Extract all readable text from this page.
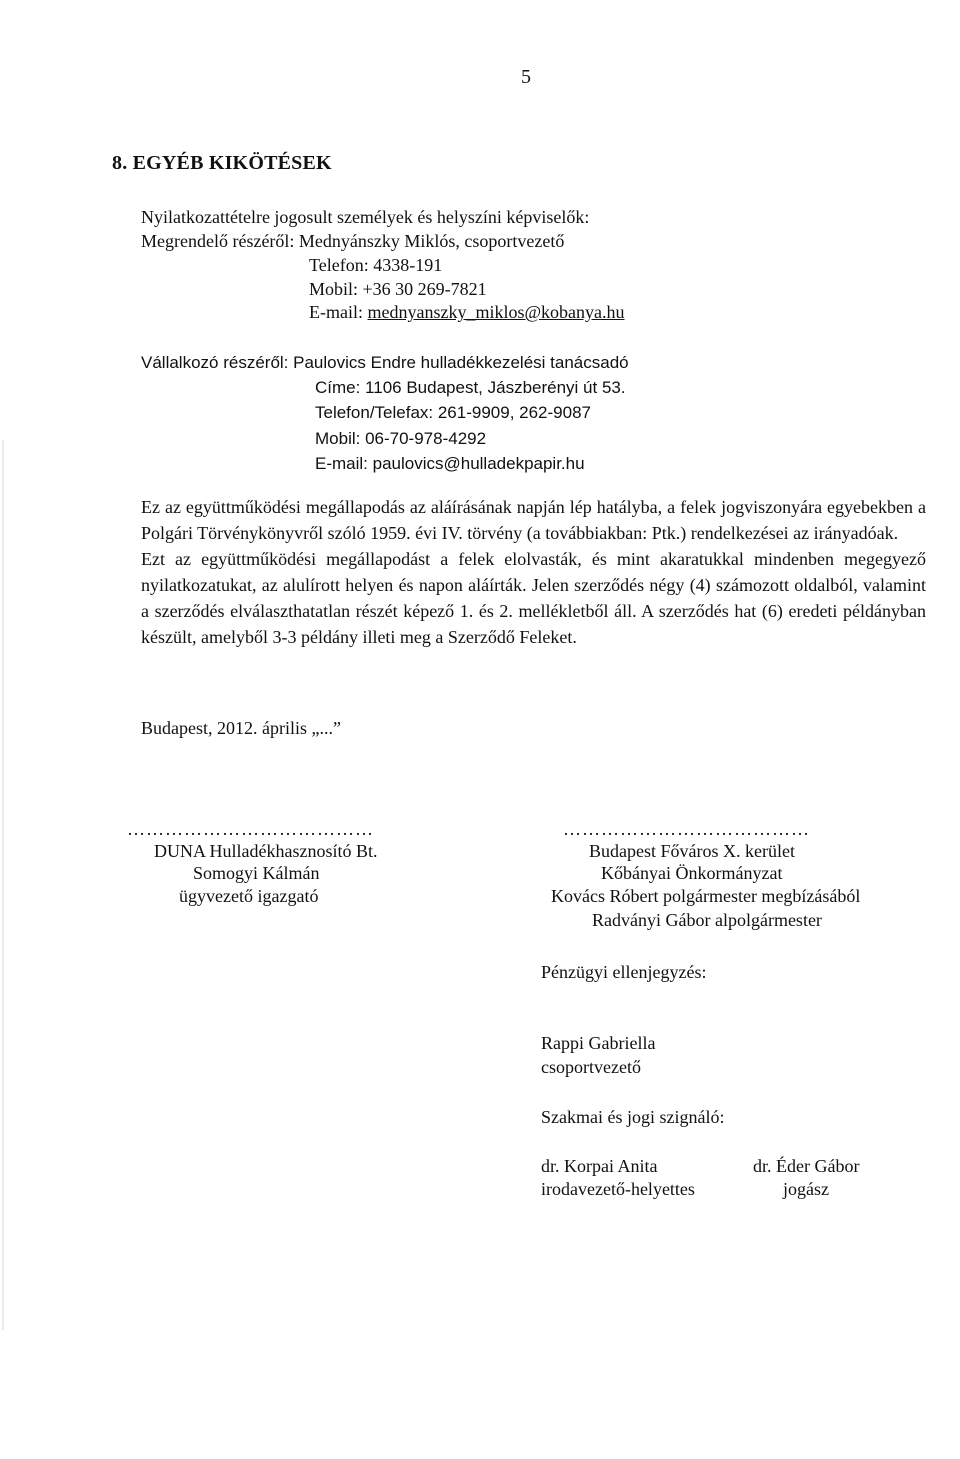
5
8. EGYÉB KIKÖTÉSEK
Nyilatkozattételre jogosult személyek és helyszíni képviselők:
Megrendelő részéről: Mednyánszky Miklós, csoportvezető
Telefon: 4338-191
Mobil: +36 30 269-7821
E-mail: mednyanszky_miklos@kobanya.hu
Vállalkozó részéről: Paulovics Endre hulladékkezelési tanácsadó
Címe: 1106 Budapest, Jászberényi út 53.
Telefon/Telefax: 261-9909, 262-9087
Mobil: 06-70-978-4292
E-mail: paulovics@hulladekpapir.hu

Ez az együttműködési megállapodás az aláírásának napján lép hatályba, a felek jogviszonyára egyebekben a Polgári Törvénykönyvről szóló 1959. évi IV. törvény (a továbbiakban: Ptk.) rendelkezései az irányadóak.

Ezt az együttműködési megállapodást a felek elolvasták, és mint akaratukkal mindenben megegyező nyilatkozatukat, az alulírott helyen és napon aláírták. Jelen szerződés négy (4) számozott oldalból, valamint a szerződés elválaszthatatlan részét képező 1. és 2. mellékletből áll. A szerződés hat (6) eredeti példányban készült, amelyből 3-3 példány illeti meg a Szerződő Feleket.

Budapest, 2012. április „...”
…………………………………	…………………………………
DUNA Hulladékhasznosító Bt.
Somogyi Kálmán
ügyvezető igazgató
Budapest Főváros X. kerület
Kőbányai Önkormányzat
Kovács Róbert polgármester megbízásából
Radványi Gábor alpolgármester
Pénzügyi ellenjegyzés:
Rappi Gabriella
csoportvezető
Szakmai és jogi szignáló:
dr. Korpai Anita
irodavezető-helyettes
dr. Éder Gábor
jogász
